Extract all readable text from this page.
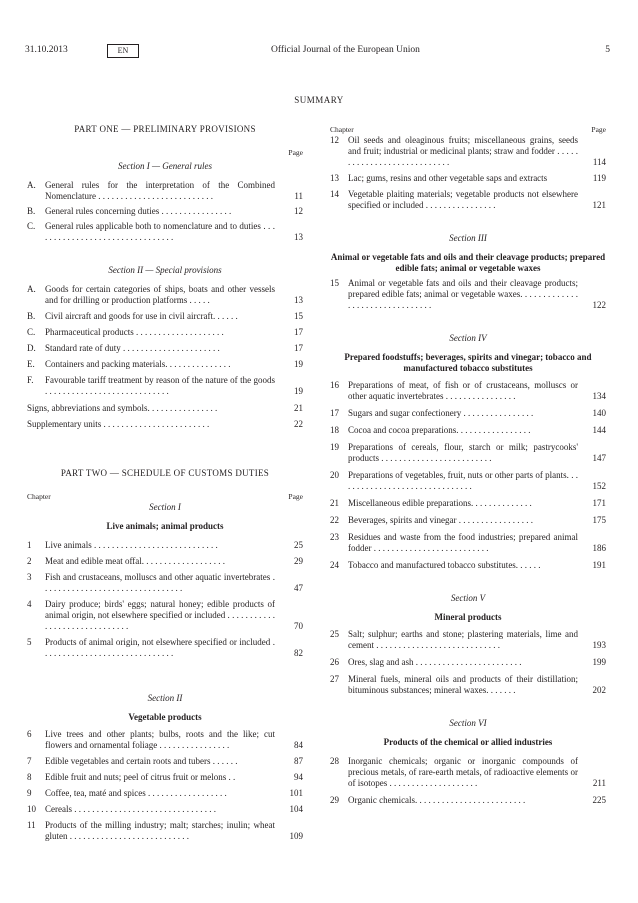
31.10.2013	EN	Official Journal of the European Union	5
SUMMARY

PART ONE — PRELIMINARY PROVISIONS

Page

Section I — General rules

A.	General rules for the interpretation of the Combined Nomenclature . . . . . . . . . . . . . . . . . . . . . . . . . .	11
B.	General rules concerning duties . . . . . . . . . . . . . . . .	12
C.	General rules applicable both to nomenclature and to duties . . . . . . . . . . . . . . . . . . . . . . . . . . . . . . . .	13

Section II — Special provisions

A.	Goods for certain categories of ships, boats and other vessels and for drilling or production platforms . . . . .	13
B.	Civil aircraft and goods for use in civil aircraft. . . . . .	15
C.	Pharmaceutical products . . . . . . . . . . . . . . . . . . . .	17
D.	Standard rate of duty . . . . . . . . . . . . . . . . . . . . . .	17
E.	Containers and packing materials. . . . . . . . . . . . . . .	19
F.	Favourable tariff treatment by reason of the nature of the goods . . . . . . . . . . . . . . . . . . . . . . . . . . . .	19
Signs, abbreviations and symbols. . . . . . . . . . . . . . . .	21
Supplementary units . . . . . . . . . . . . . . . . . . . . . . . .	22

PART TWO — SCHEDULE OF CUSTOMS DUTIES

Chapter	Page

Section I

Live animals; animal products

1	Live animals . . . . . . . . . . . . . . . . . . . . . . . . . . . .	25
2	Meat and edible meat offal. . . . . . . . . . . . . . . . . . .	29
3	Fish and crustaceans, molluscs and other aquatic invertebrates . . . . . . . . . . . . . . . . . . . . . . . . . . . . . . . .	47
4	Dairy produce; birds' eggs; natural honey; edible products of animal origin, not elsewhere specified or included . . . . . . . . . . . . . . . . . . . . . . . . . . . . . .	70
5	Products of animal origin, not elsewhere specified or included . . . . . . . . . . . . . . . . . . . . . . . . . . . . . .	82

Section II

Vegetable products

6	Live trees and other plants; bulbs, roots and the like; cut flowers and ornamental foliage . . . . . . . . . . . . . . . .	84
7	Edible vegetables and certain roots and tubers . . . . . .	87
8	Edible fruit and nuts; peel of citrus fruit or melons . .	94
9	Coffee, tea, maté and spices . . . . . . . . . . . . . . . . . .	101
10	Cereals . . . . . . . . . . . . . . . . . . . . . . . . . . . . . . . .	104
11	Products of the milling industry; malt; starches; inulin; wheat gluten . . . . . . . . . . . . . . . . . . . . . . . . . . .	109
Chapter	Page
12	Oil seeds and oleaginous fruits; miscellaneous grains, seeds and fruit; industrial or medicinal plants; straw and fodder . . . . . . . . . . . . . . . . . . . . . . . . . . . .	114
13	Lac; gums, resins and other vegetable saps and extracts	119
14	Vegetable plaiting materials; vegetable products not elsewhere specified or included . . . . . . . . . . . . . . . .	121

Section III

Animal or vegetable fats and oils and their cleavage products; prepared edible fats; animal or vegetable waxes

15	Animal or vegetable fats and oils and their cleavage products; prepared edible fats; animal or vegetable waxes. . . . . . . . . . . . . . . . . . . . . . . . . . . . . . . .	122

Section IV

Prepared foodstuffs; beverages, spirits and vinegar; tobacco and manufactured tobacco substitutes

16	Preparations of meat, of fish or of crustaceans, molluscs or other aquatic invertebrates . . . . . . . . . . . . . . . .	134
17	Sugars and sugar confectionery . . . . . . . . . . . . . . . .	140
18	Cocoa and cocoa preparations. . . . . . . . . . . . . . . . .	144
19	Preparations of cereals, flour, starch or milk; pastrycooks' products . . . . . . . . . . . . . . . . . . . . . . . . .	147
20	Preparations of vegetables, fruit, nuts or other parts of plants. . . . . . . . . . . . . . . . . . . . . . . . . . . . . . .	152
21	Miscellaneous edible preparations. . . . . . . . . . . . . .	171
22	Beverages, spirits and vinegar . . . . . . . . . . . . . . . . .	175
23	Residues and waste from the food industries; prepared animal fodder . . . . . . . . . . . . . . . . . . . . . . . . . .	186
24	Tobacco and manufactured tobacco substitutes. . . . . .	191

Section V

Mineral products

25	Salt; sulphur; earths and stone; plastering materials, lime and cement . . . . . . . . . . . . . . . . . . . . . . . . . . . .	193
26	Ores, slag and ash . . . . . . . . . . . . . . . . . . . . . . . .	199
27	Mineral fuels, mineral oils and products of their distillation; bituminous substances; mineral waxes. . . . . . .	202

Section VI

Products of the chemical or allied industries

28	Inorganic chemicals; organic or inorganic compounds of precious metals, of rare-earth metals, of radioactive elements or of isotopes . . . . . . . . . . . . . . . . . . . .	211
29	Organic chemicals. . . . . . . . . . . . . . . . . . . . . . . . .	225
